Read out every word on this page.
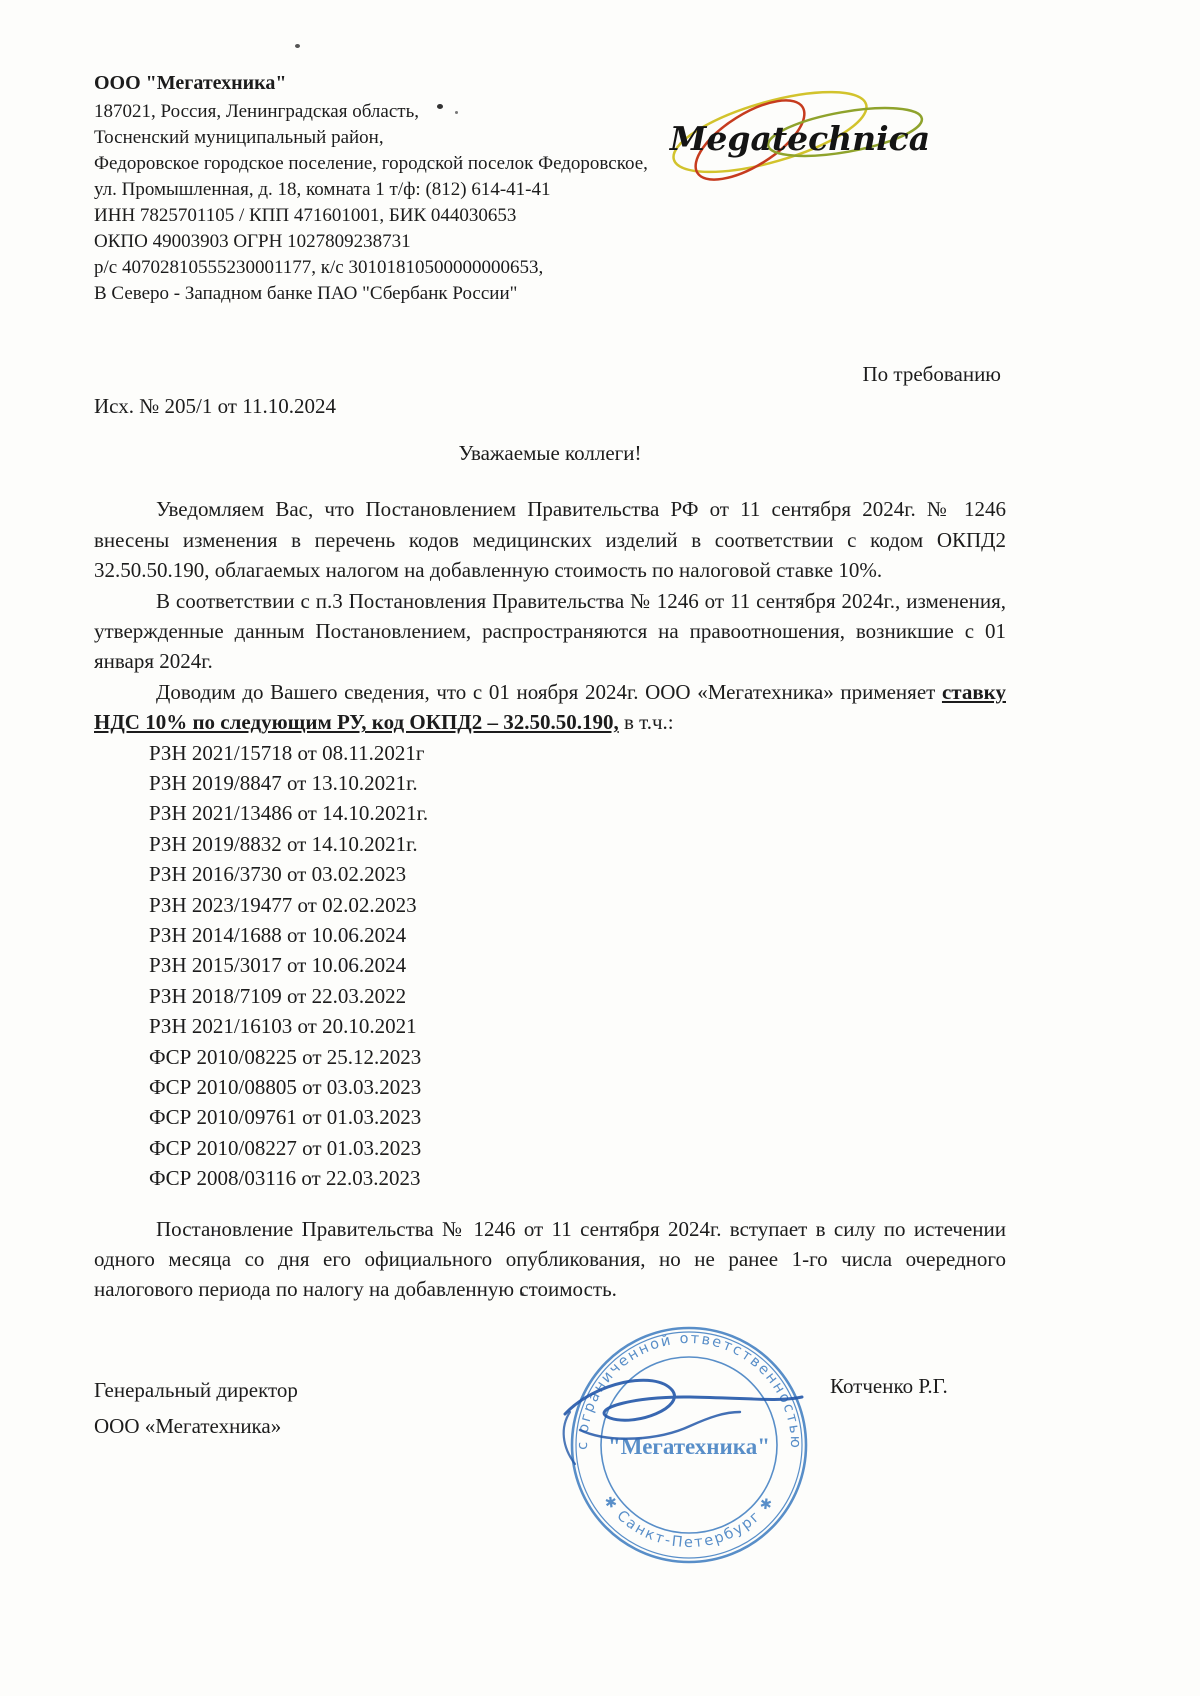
ООО "Мегатехника"
187021, Россия, Ленинградская область,
Тосненский муниципальный район,
Федоровское городское поселение, городской поселок Федоровское,
ул. Промышленная, д. 18, комната 1 т/ф: (812) 614-41-41
ИНН 7825701105 / КПП 471601001, БИК 044030653
ОКПО 49003903 ОГРН 1027809238731
р/с 40702810555230001177, к/с 30101810500000000653,
В Северо - Западном банке ПАО "Сбербанк России"
Megatechnica
По требованию
Исх. № 205/1 от 11.10.2024
Уважаемые коллеги!

Уведомляем Вас, что Постановлением Правительства РФ от 11 сентября 2024г. № 1246 внесены изменения в перечень кодов медицинских изделий в соответствии с кодом ОКПД2 32.50.50.190, облагаемых налогом на добавленную стоимость по налоговой ставке 10%.

В соответствии с п.3 Постановления Правительства № 1246 от 11 сентября 2024г., изменения, утвержденные данным Постановлением, распространяются на правоотношения, возникшие с 01 января 2024г.

Доводим до Вашего сведения, что с 01 ноября 2024г. ООО «Мегатехника» применяет ставку НДС 10% по следующим РУ, код ОКПД2 – 32.50.50.190, в т.ч.:

РЗН 2021/15718 от 08.11.2021г
РЗН 2019/8847 от 13.10.2021г.
РЗН 2021/13486 от 14.10.2021г.
РЗН 2019/8832 от 14.10.2021г.
РЗН 2016/3730 от 03.02.2023
РЗН 2023/19477 от 02.02.2023
РЗН 2014/1688 от 10.06.2024
РЗН 2015/3017 от 10.06.2024
РЗН 2018/7109 от 22.03.2022
РЗН 2021/16103 от 20.10.2021
ФСР 2010/08225 от 25.12.2023
ФСР 2010/08805 от 03.03.2023
ФСР 2010/09761 от 01.03.2023
ФСР 2010/08227 от 01.03.2023
ФСР 2008/03116 от 22.03.2023

Постановление Правительства № 1246 от 11 сентября 2024г. вступает в силу по истечении одного месяца со дня его официального опубликования, но не ранее 1-го числа очередного налогового периода по налогу на добавленную стоимость.

Генеральный директор
ООО «Мегатехника»
Котченко Р.Г.
с ограниченной ответственностью
✱ Санкт-Петербург ✱
"Мегатехника"
